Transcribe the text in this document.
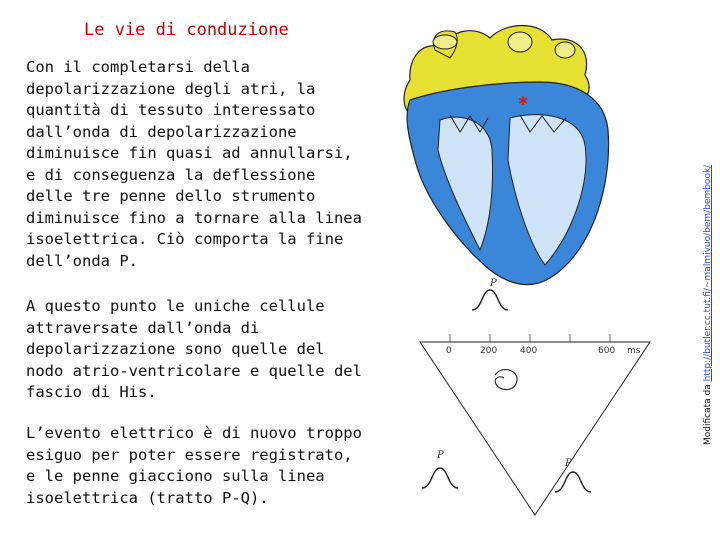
Le vie di conduzione
Con il completarsi della depolarizzazione degli atri, la quantità di tessuto interessato dall’onda di depolarizzazione diminuisce fin quasi ad annullarsi, e di conseguenza la deflessione delle tre penne dello strumento diminuisce fino a tornare alla linea isoelettrica. Ciò comporta la fine dell’onda P.
A questo punto le uniche cellule attraversate dall’onda di depolarizzazione sono quelle del nodo atrio-ventricolare e quelle del fascio di His.
L’evento elettrico è di nuovo troppo esiguo per poter essere registrato, e le penne giacciono sulla linea isoelettrica (tratto P-Q).
Modificata da http://butler.cc.tut.fi/~malmivuo/bem/bembook/
✱
P
0	200	400	600 ms
P
P
